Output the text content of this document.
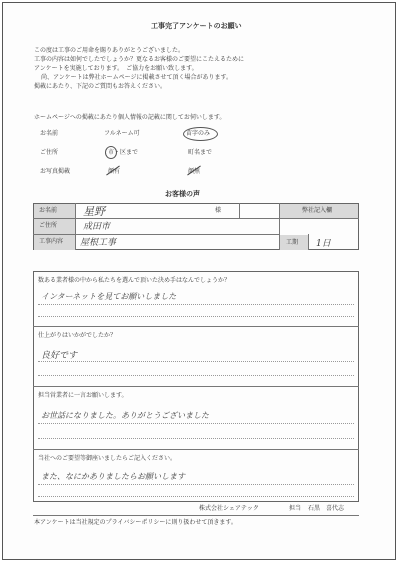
工事完了アンケートのお願い
この度は工事のご用命を賜りありがとうございました。
工事の内容は如何でしたでしょうか？更なるお客様のご要望にこたえるために
アンケートを実施しております。　ご協力をお願い致します。
尚、アンケートは弊社ホームページに掲載させて頂く場合があります。
掲載にあたり、下記のご質問もお答えください。
ホームページへの掲載にあたり個人情報の記載に関してお伺いします。
お名前	フルネーム可	苗字のみ
ご住所	市・区まで	町名まで
お写真掲載	顔有	顔無
お客様の声
お名前 星野	様	弊社記入欄
ご住所	成田市
工事内容 屋根工事	工期 1日
数ある業者様の中から私たちを選んで頂いた決め手はなんでしょうか？
インターネットを見てお願いしました
仕上がりはいかがでしたか？
良好です
担当営業者に一言お願いします。
お世話になりました。ありがとうございました
当社へのご要望等御座いましたらご記入ください。
また、なにかありましたらお願いします
株式会社シェアテック	担当 石黒　喜代志
本アンケートは当社規定のプライバシーポリシーに則り扱わせて頂きます。
